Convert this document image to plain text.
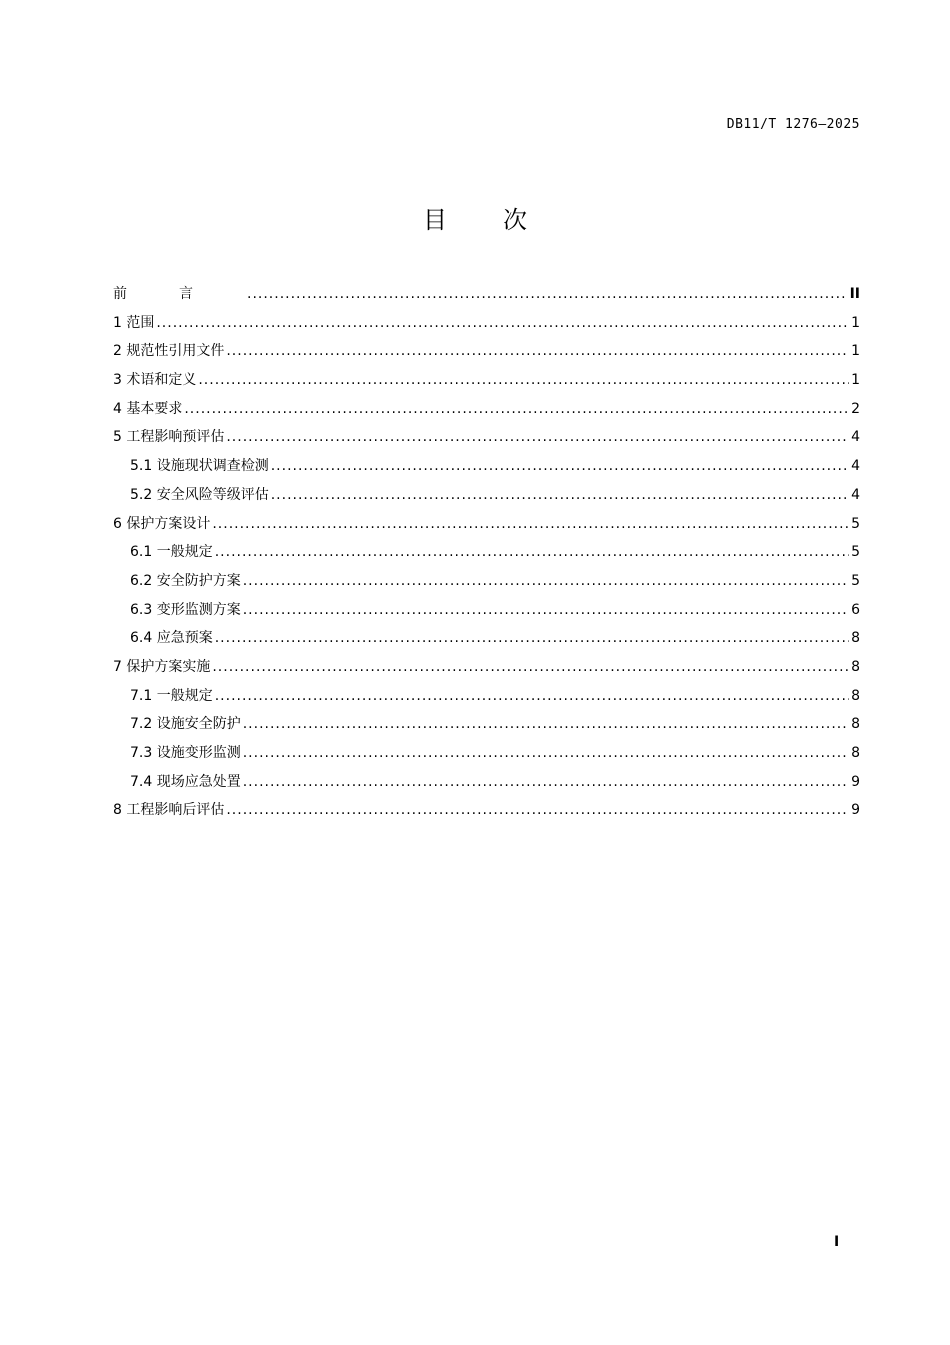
DB11/T 1276—2025
目次
前言 .....	II
1 范围 .....	1
2 规范性引用文件 .....	1
3 术语和定义 .....	1
4 基本要求 .....	2
5 工程影响预评估 .....	4
5.1 设施现状调查检测 .....	4
5.2 安全风险等级评估 .....	4
6 保护方案设计 .....	5
6.1 一般规定 .....	5
6.2 安全防护方案 .....	5
6.3 变形监测方案 .....	6
6.4 应急预案 .....	8
7 保护方案实施 .....	8
7.1 一般规定 .....	8
7.2 设施安全防护 .....	8
7.3 设施变形监测 .....	8
7.4 现场应急处置 .....	9
8 工程影响后评估 .....	9
I
